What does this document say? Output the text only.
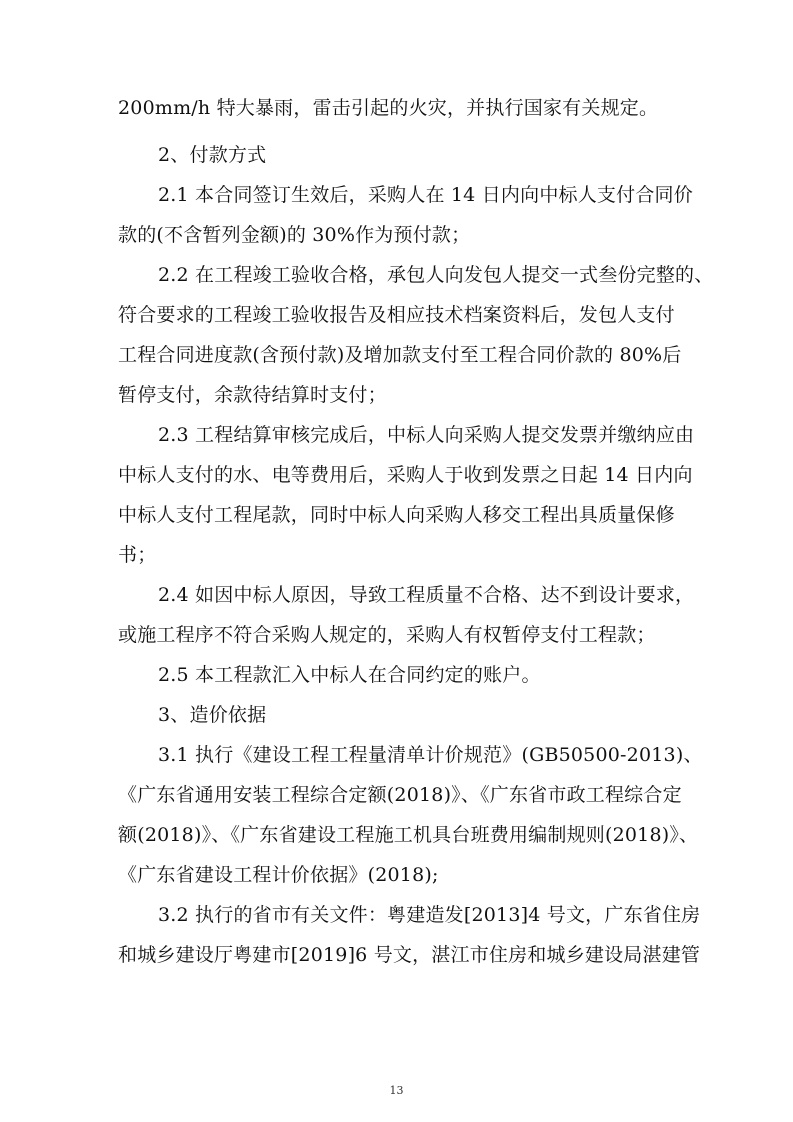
200mm/h 特大暴雨，雷击引起的火灾，并执行国家有关规定。
2、付款方式
2.1 本合同签订生效后，采购人在 14 日内向中标人支付合同价
款的(不含暂列金额)的 30%作为预付款；
2.2 在工程竣工验收合格，承包人向发包人提交一式叁份完整的、
符合要求的工程竣工验收报告及相应技术档案资料后，发包人支付
工程合同进度款(含预付款)及增加款支付至工程合同价款的 80%后
暂停支付，余款待结算时支付；
2.3 工程结算审核完成后，中标人向采购人提交发票并缴纳应由
中标人支付的水、电等费用后，采购人于收到发票之日起 14 日内向
中标人支付工程尾款，同时中标人向采购人移交工程出具质量保修
书；
2.4 如因中标人原因，导致工程质量不合格、达不到设计要求，
或施工程序不符合采购人规定的，采购人有权暂停支付工程款；
2.5 本工程款汇入中标人在合同约定的账户。
3、造价依据
3.1 执行《建设工程工程量清单计价规范》(GB50500-2013)、
《广东省通用安装工程综合定额(2018)》、《广东省市政工程综合定
额(2018)》、《广东省建设工程施工机具台班费用编制规则(2018)》、
《广东省建设工程计价依据》(2018);
3.2 执行的省市有关文件：粤建造发[2013]4 号文，广东省住房
和城乡建设厅粤建市[2019]6 号文，湛江市住房和城乡建设局湛建管
13
